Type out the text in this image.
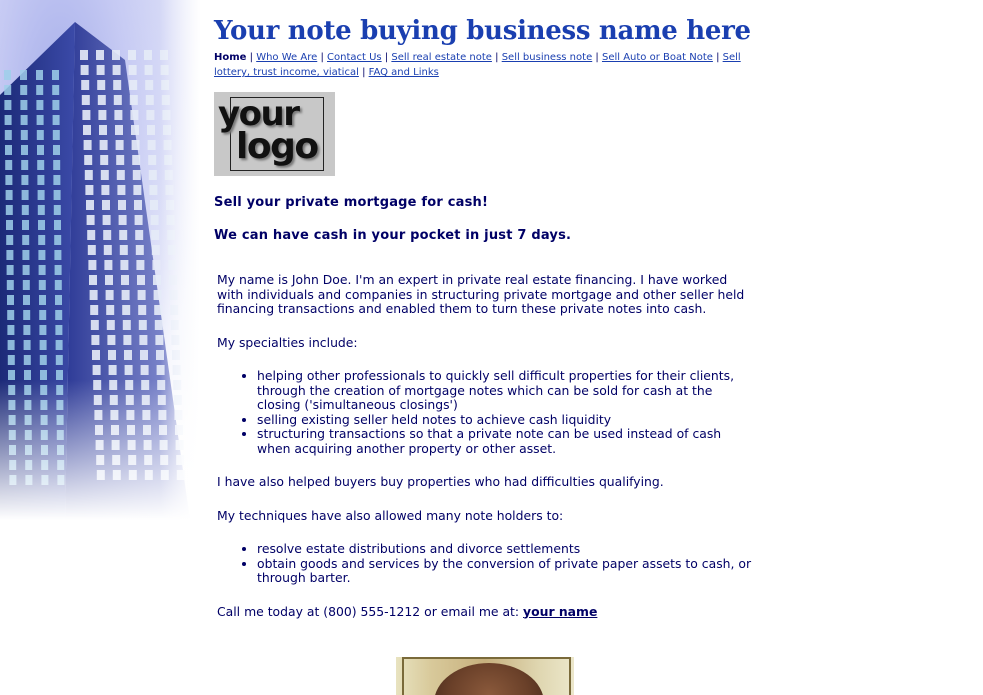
Your note buying business name here
Home | Who We Are | Contact Us | Sell real estate note | Sell business note | Sell Auto or Boat Note | Sell lottery, trust income, viatical | FAQ and Links
your
logo

Sell your private mortgage for cash!

We can have cash in your pocket in just 7 days.

My name is John Doe. I'm an expert in private real estate financing. I have worked with individuals and companies in structuring private mortgage and other seller held financing transactions and enabled them to turn these private notes into cash.

My specialties include:

• helping other professionals to quickly sell difficult properties for their clients, through the creation of mortgage notes which can be sold for cash at the closing ('simultaneous closings')
• selling existing seller held notes to achieve cash liquidity
• structuring transactions so that a private note can be used instead of cash when acquiring another property or other asset.

I have also helped buyers buy properties who had difficulties qualifying.

My techniques have also allowed many note holders to:

• resolve estate distributions and divorce settlements
• obtain goods and services by the conversion of private paper assets to cash, or through barter.

Call me today at (800) 555-1212 or email me at: your name
